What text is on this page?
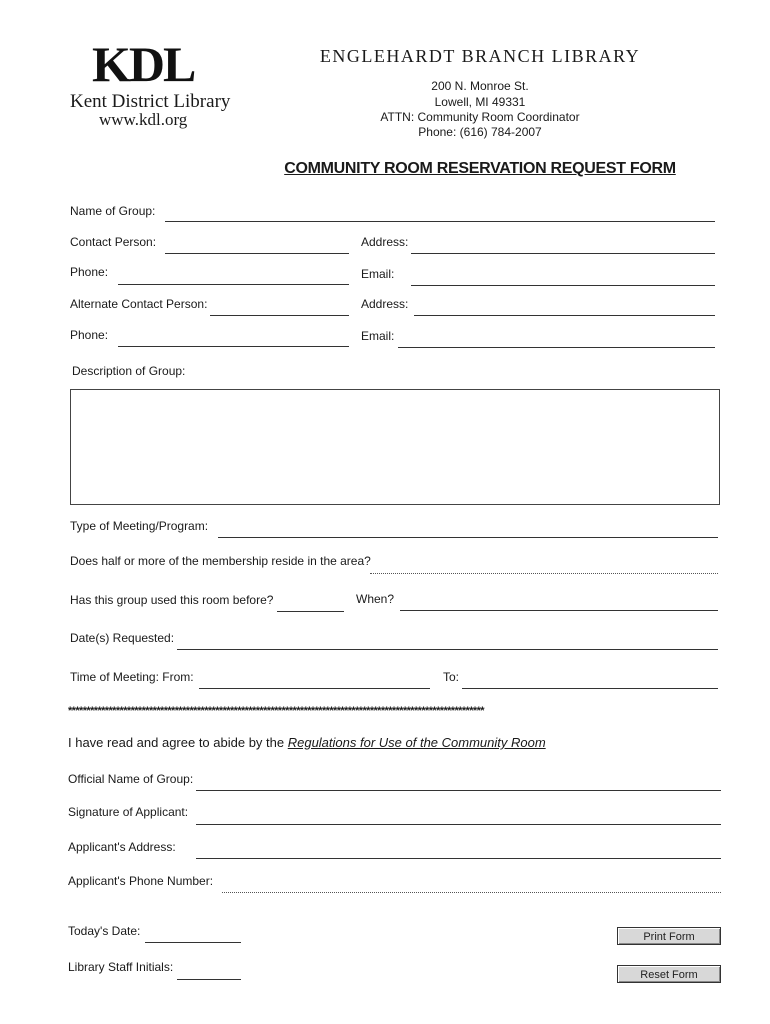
KDL
Kent District Library
www.kdl.org
ENGLEHARDT BRANCH LIBRARY
200 N. Monroe St.
Lowell, MI 49331
ATTN: Community Room Coordinator
Phone: (616) 784-2007
COMMUNITY ROOM RESERVATION REQUEST FORM
Name of Group:
Contact Person:	Address:
Phone:	Email:
Alternate Contact Person:	Address:
Phone:	Email:
Description of Group:
Type of Meeting/Program:
Does half or more of the membership reside in the area?
Has this group used this room before?	When?
Date(s) Requested:
Time of Meeting: From:	To:
*****************************************************************************************************************
I have read and agree to abide by the Regulations for Use of the Community Room
Official Name of Group:
Signature of Applicant:
Applicant's Address:
Applicant's Phone Number:
Today's Date:
Library Staff Initials:
Print Form
Reset Form
